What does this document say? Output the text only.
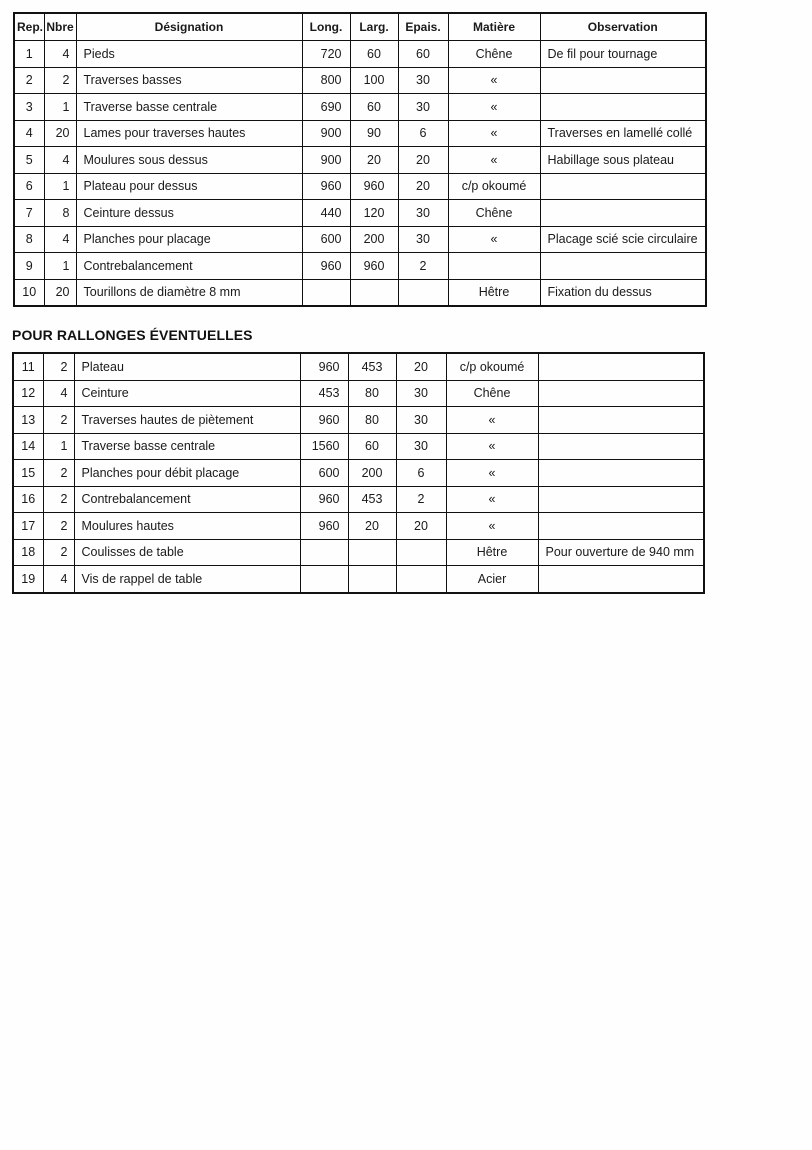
Rep.	Nbre	Désignation	Long.	Larg.	Epais.	Matière	Observation
1	4	Pieds	720	60	60	Chêne	De fil pour tournage
2	2	Traverses basses	800	100	30	«	
3	1	Traverse basse centrale	690	60	30	«	
4	20	Lames pour traverses hautes	900	90	6	«	Traverses en lamellé collé
5	4	Moulures sous dessus	900	20	20	«	Habillage sous plateau
6	1	Plateau pour dessus	960	960	20	c/p okoumé	
7	8	Ceinture dessus	440	120	30	Chêne	
8	4	Planches pour placage	600	200	30	«	Placage scié scie circulaire
9	1	Contrebalancement	960	960	2		
10	20	Tourillons de diamètre 8 mm				Hêtre	Fixation du dessus
POUR RALLONGES ÉVENTUELLES
11	2	Plateau	960	453	20	c/p okoumé	
12	4	Ceinture	453	80	30	Chêne	
13	2	Traverses hautes de piètement	960	80	30	«	
14	1	Traverse basse centrale	1560	60	30	«	
15	2	Planches pour débit placage	600	200	6	«	
16	2	Contrebalancement	960	453	2	«	
17	2	Moulures hautes	960	20	20	«	
18	2	Coulisses de table				Hêtre	Pour ouverture de 940 mm
19	4	Vis de rappel de table				Acier	
